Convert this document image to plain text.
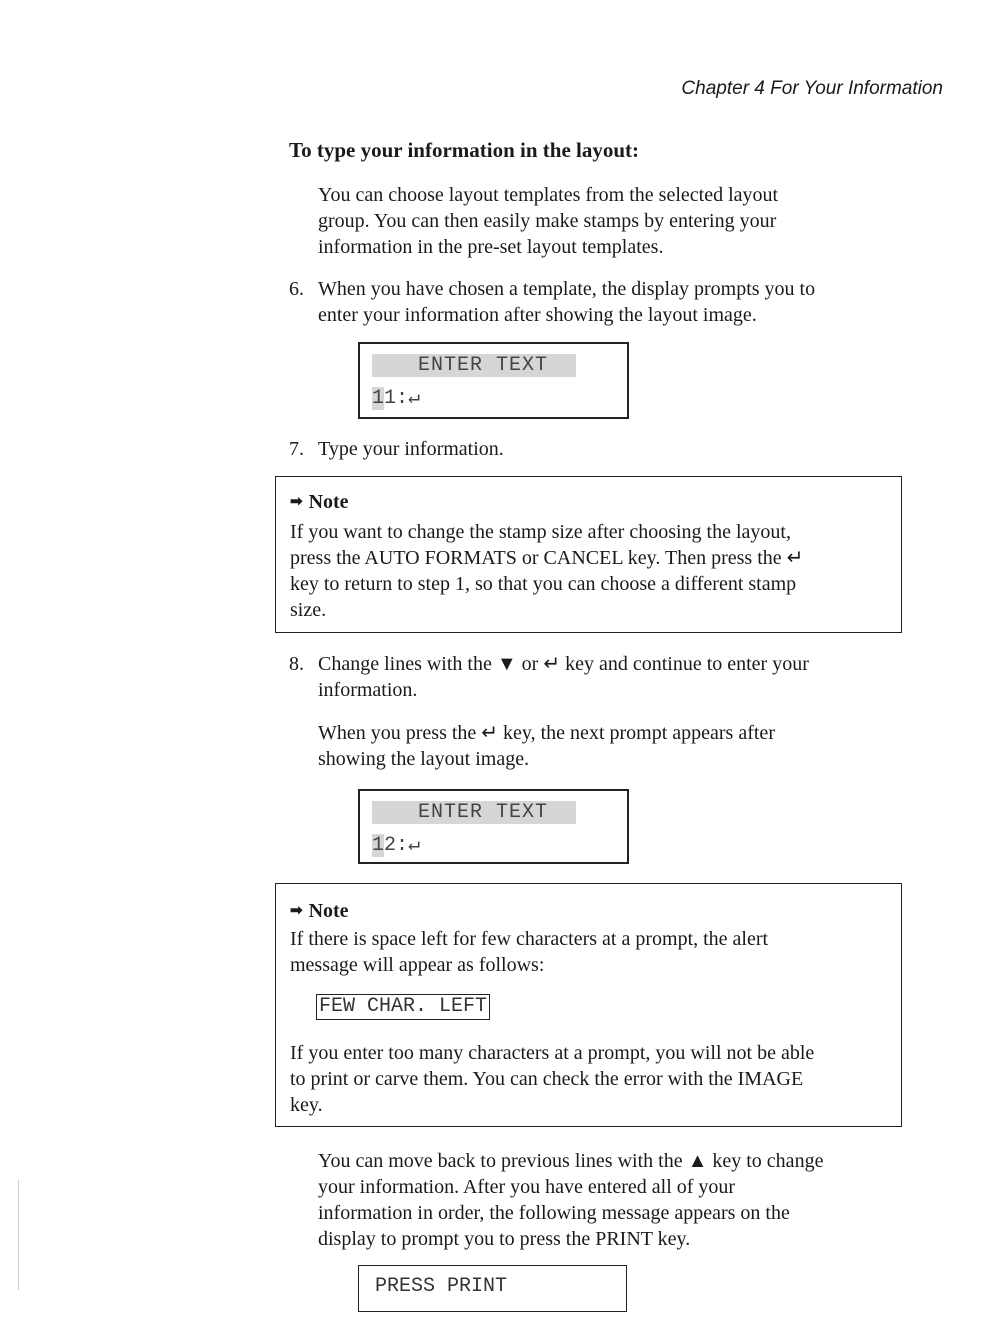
Chapter 4 For Your Information
To type your information in the layout:
You can choose layout templates from the selected layout
group. You can then easily make stamps by entering your
information in the pre-set layout templates.
6. When you have chosen a template, the display prompts you to
enter your information after showing the layout image.
ENTER TEXT
11:↵
7. Type your information.
➡ Note
If you want to change the stamp size after choosing the layout,
press the AUTO FORMATS or CANCEL key. Then press the ↵
key to return to step 1, so that you can choose a different stamp
size.
8. Change lines with the ▼ or ↵ key and continue to enter your
information.
When you press the ↵ key, the next prompt appears after
showing the layout image.
ENTER TEXT
12:↵
➡ Note
If there is space left for few characters at a prompt, the alert
message will appear as follows:
FEW CHAR. LEFT
If you enter too many characters at a prompt, you will not be able
to print or carve them. You can check the error with the IMAGE
key.
You can move back to previous lines with the ▲ key to change
your information. After you have entered all of your
information in order, the following message appears on the
display to prompt you to press the PRINT key.
PRESS PRINT
